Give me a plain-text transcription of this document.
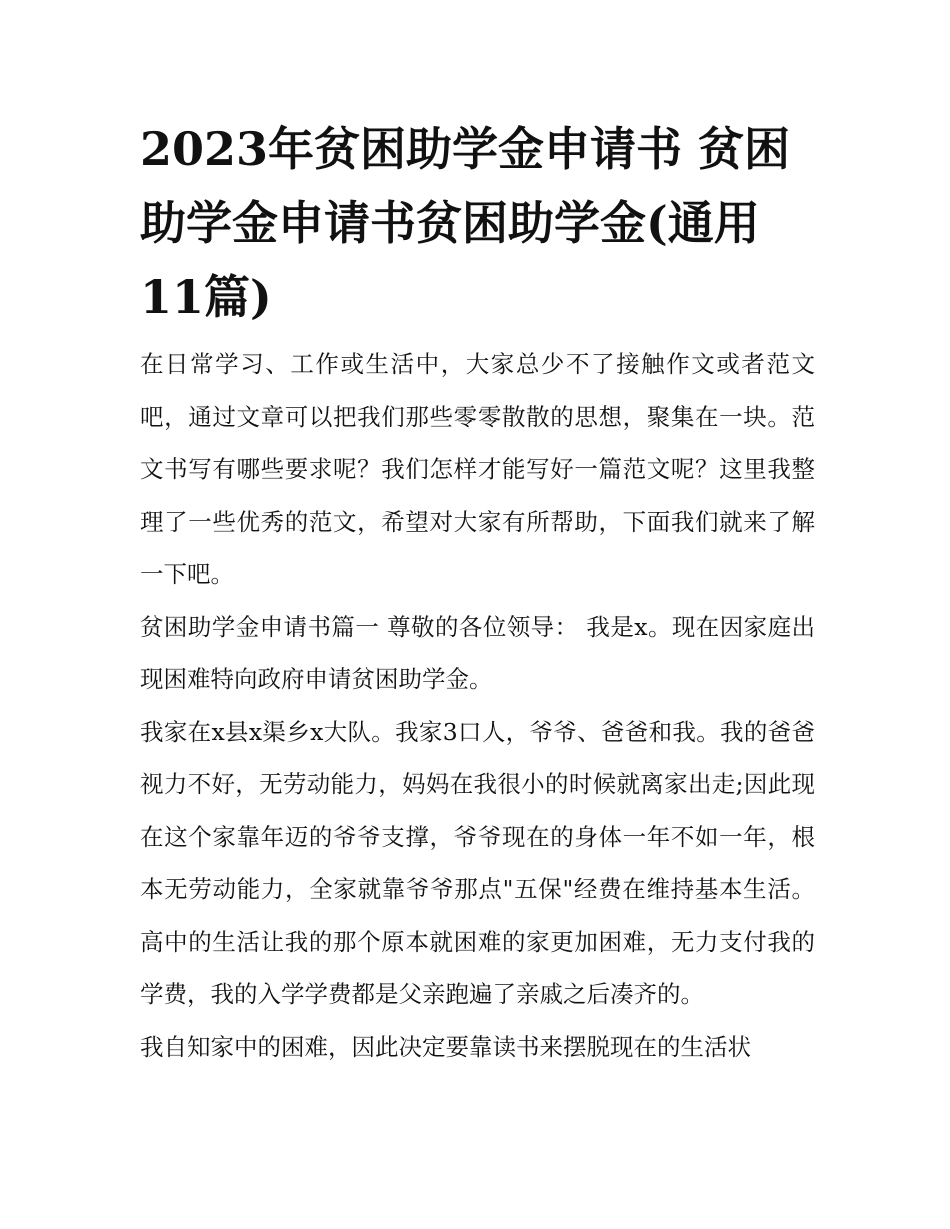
2023年贫困助学金申请书 贫困助学金申请书贫困助学金(通用11篇)

在日常学习、工作或生活中，大家总少不了接触作文或者范文吧，通过文章可以把我们那些零零散散的思想，聚集在一块。范文书写有哪些要求呢？我们怎样才能写好一篇范文呢？这里我整理了一些优秀的范文，希望对大家有所帮助，下面我们就来了解一下吧。

贫困助学金申请书篇一 尊敬的各位领导： 我是x。现在因家庭出现困难特向政府申请贫困助学金。

我家在x县x渠乡x大队。我家3口人，爷爷、爸爸和我。我的爸爸视力不好，无劳动能力，妈妈在我很小的时候就离家出走;因此现在这个家靠年迈的爷爷支撑，爷爷现在的身体一年不如一年，根本无劳动能力，全家就靠爷爷那点"五保"经费在维持基本生活。高中的生活让我的那个原本就困难的家更加困难，无力支付我的学费，我的入学学费都是父亲跑遍了亲戚之后凑齐的。

我自知家中的困难，因此决定要靠读书来摆脱现在的生活状
